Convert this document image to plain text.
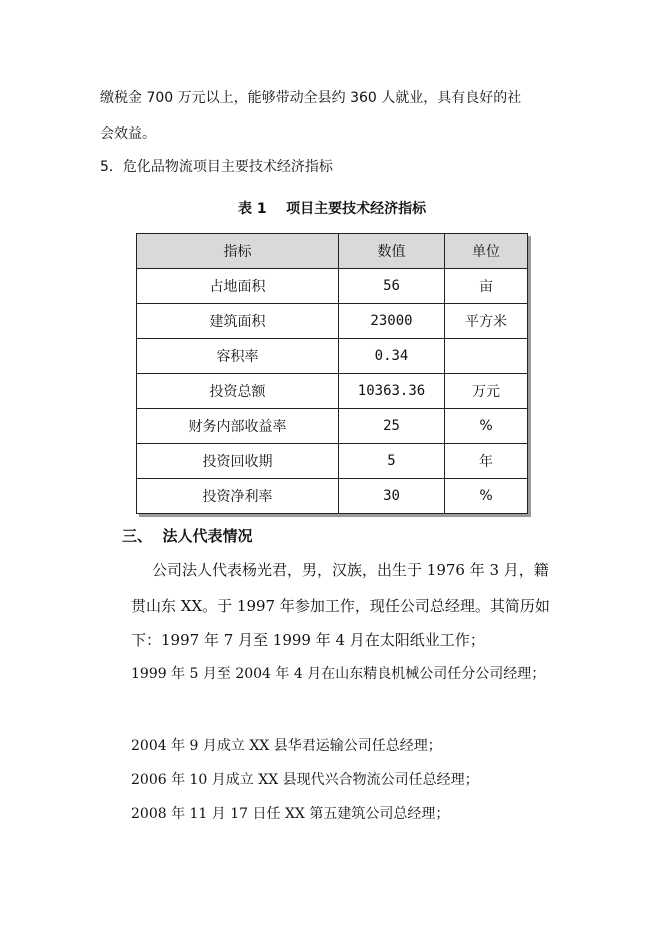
缴税金 700 万元以上，能够带动全县约 360 人就业，具有良好的社
会效益。
5．危化品物流项目主要技术经济指标
表 1    项目主要技术经济指标
指标	数值	单位
占地面积	56	亩
建筑面积	23000	平方米
容积率	0.34	
投资总额	10363.36	万元
财务内部收益率	25	%
投资回收期	5	年
投资净利率	30	%
三、  法人代表情况
公司法人代表杨光君，男，汉族，出生于 1976 年 3 月，籍
贯山东 XX。于 1997 年参加工作，现任公司总经理。其简历如
下：1997 年 7 月至 1999 年 4 月在太阳纸业工作；
1999 年 5 月至 2004 年 4 月在山东精良机械公司任分公司经理；
2004 年 9 月成立 XX 县华君运输公司任总经理；
2006 年 10 月成立 XX 县现代兴合物流公司任总经理；
2008 年 11 月 17 日任 XX 第五建筑公司总经理；
